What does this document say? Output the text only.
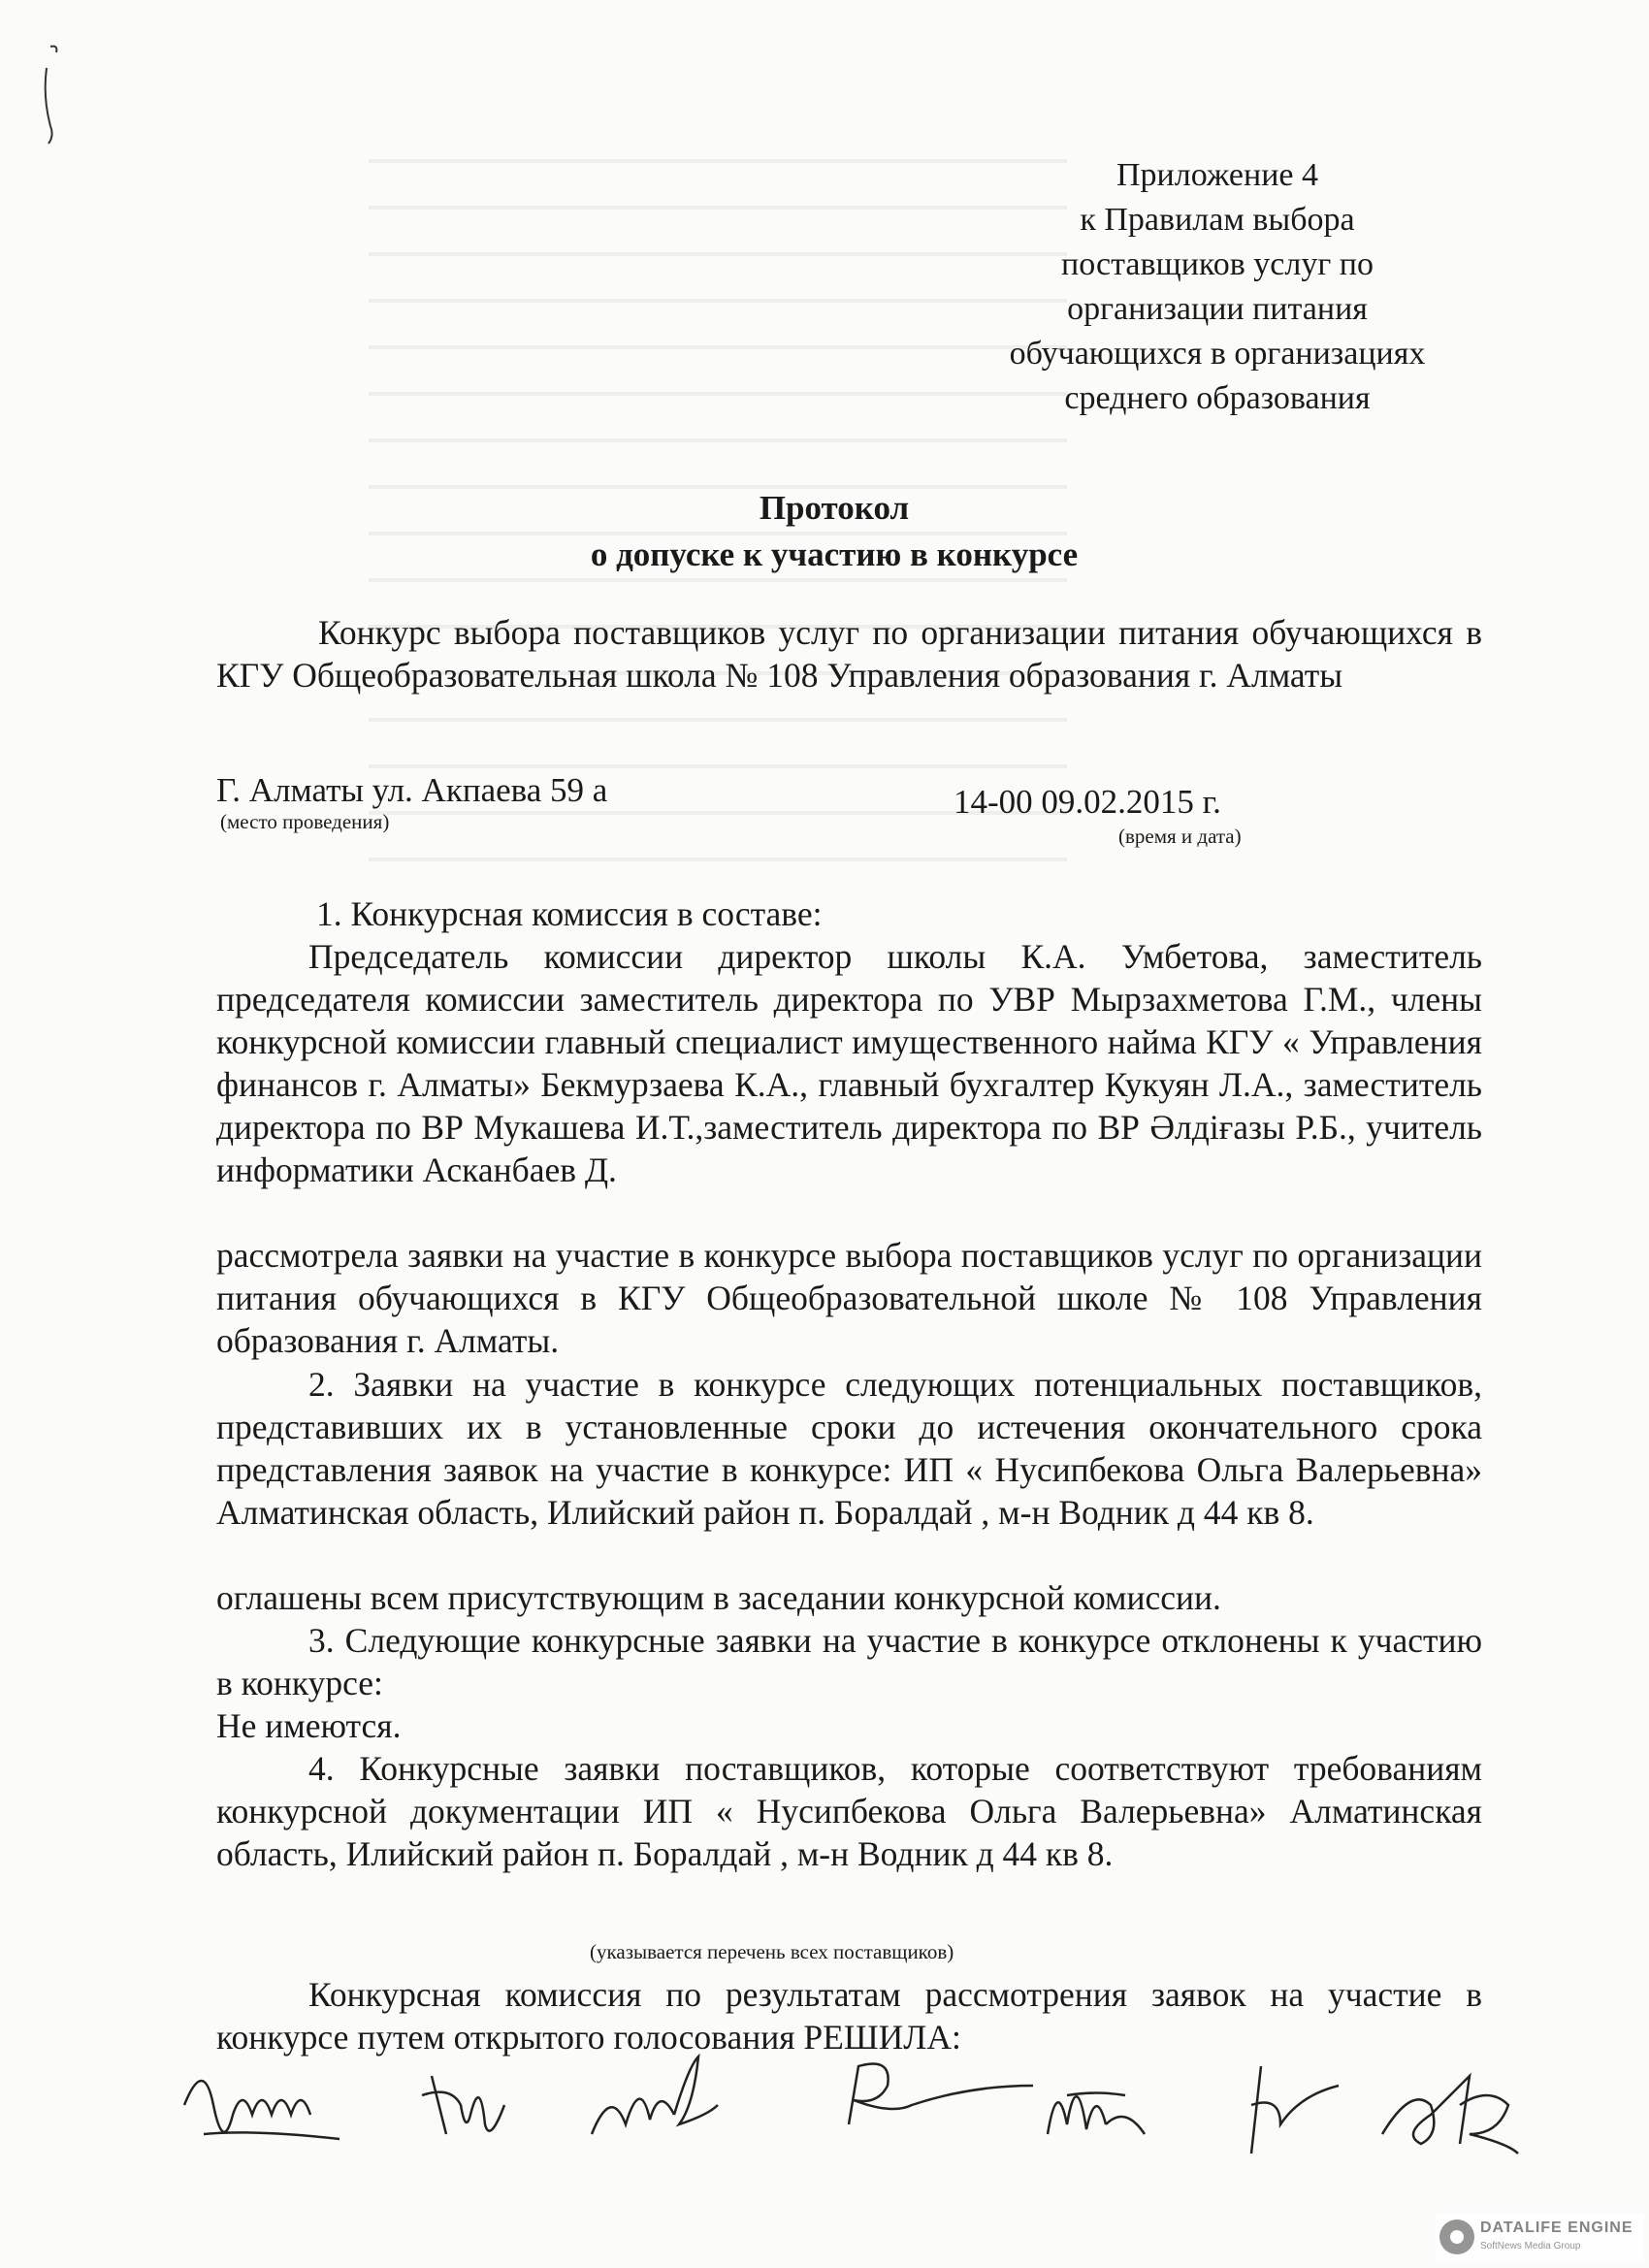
Приложение 4
к Правилам выбора
поставщиков услуг по
организации питания
обучающихся в организациях
среднего образования
Протокол
о допуске к участию в конкурсе
Конкурс выбора поставщиков услуг по организации питания обучающихся в КГУ Общеобразовательная школа № 108 Управления образования г. Алматы
Г. Алматы ул. Акпаева 59 а
(место проведения)
14-00 09.02.2015 г.
(время и дата)
1. Конкурсная комиссия в составе:
Председатель комиссии директор школы К.А. Умбетова, заместитель председателя комиссии заместитель директора по УВР Мырзахметова Г.М., члены конкурсной комиссии главный специалист имущественного найма КГУ « Управления финансов г. Алматы» Бекмурзаева К.А., главный бухгалтер Кукуян Л.А., заместитель директора по ВР Мукашева И.Т.,заместитель директора по ВР Әлдіғазы Р.Б., учитель информатики Асканбаев Д.
рассмотрела заявки на участие в конкурсе выбора поставщиков услуг по организации питания обучающихся в КГУ Общеобразовательной школе № 108 Управления образования г. Алматы.
2. Заявки на участие в конкурсе следующих потенциальных поставщиков, представивших их в установленные сроки до истечения окончательного срока представления заявок на участие в конкурсе: ИП « Нусипбекова Ольга Валерьевна» Алматинская область, Илийский район п. Боралдай , м-н Водник д 44 кв 8.
оглашены всем присутствующим в заседании конкурсной комиссии.
3. Следующие конкурсные заявки на участие в конкурсе отклонены к участию в конкурсе:
Не имеются.
4. Конкурсные заявки поставщиков, которые соответствуют требованиям конкурсной документации ИП « Нусипбекова Ольга Валерьевна» Алматинская область, Илийский район п. Боралдай , м-н Водник д 44 кв 8.
(указывается перечень всех поставщиков)
Конкурсная комиссия по результатам рассмотрения заявок на участие в конкурсе путем открытого голосования РЕШИЛА:
DATALIFE ENGINE
SoftNews Media Group
